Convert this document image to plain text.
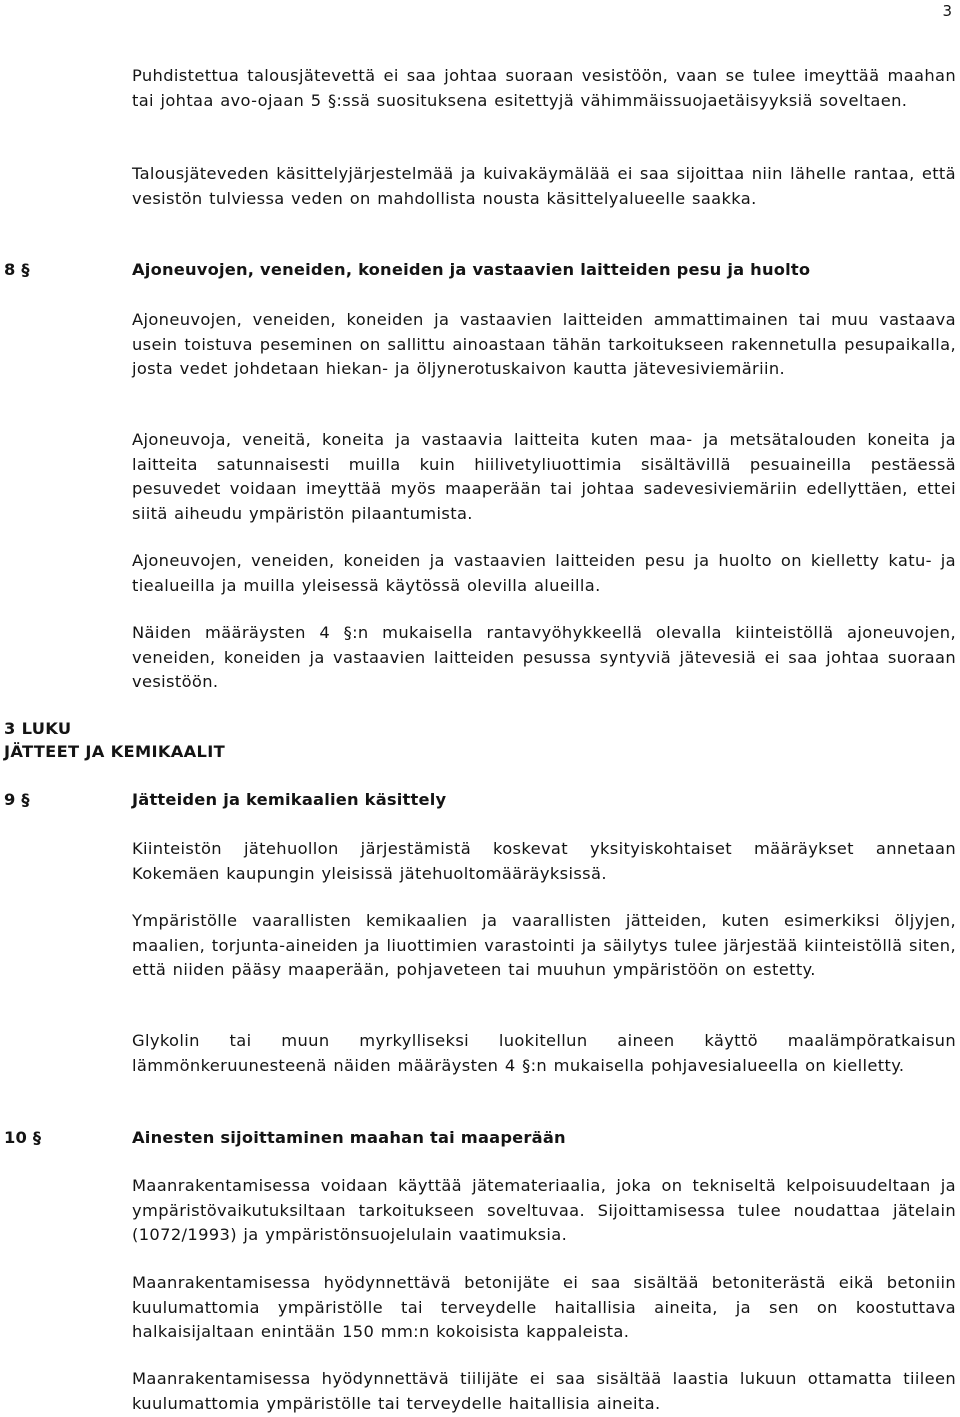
3

Puhdistettua talousjätevettä ei saa johtaa suoraan vesistöön, vaan se tulee imeyttää maahan tai johtaa avo-ojaan 5 §:ssä suosituksena esitettyjä vähimmäissuojaetäisyyksiä soveltaen.

Talousjäteveden käsittelyjärjestelmää ja kuivakäymälää ei saa sijoittaa niin lähelle rantaa, että vesistön tulviessa veden on mahdollista nousta käsittelyalueelle saakka.

8 §	Ajoneuvojen, veneiden, koneiden ja vastaavien laitteiden pesu ja huolto

Ajoneuvojen, veneiden, koneiden ja vastaavien laitteiden ammattimainen tai muu vastaava usein toistuva peseminen on sallittu ainoastaan tähän tarkoitukseen rakennetulla pesupaikalla, josta vedet johdetaan hiekan- ja öljynerotuskaivon kautta jätevesiviemäriin.

Ajoneuvoja, veneitä, koneita ja vastaavia laitteita kuten maa- ja metsätalouden koneita ja laitteita satunnaisesti muilla kuin hiilivetyliuottimia sisältävillä pesuaineilla pestäessä pesuvedet voidaan imeyttää myös maaperään tai johtaa sadevesiviemäriin edellyttäen, ettei siitä aiheudu ympäristön pilaantumista.

Ajoneuvojen, veneiden, koneiden ja vastaavien laitteiden pesu ja huolto on kielletty katu- ja tiealueilla ja muilla yleisessä käytössä olevilla alueilla.

Näiden määräysten 4 §:n mukaisella rantavyöhykkeellä olevalla kiinteistöllä ajoneuvojen, veneiden, koneiden ja vastaavien laitteiden pesussa syntyviä jätevesiä ei saa johtaa suoraan vesistöön.

3 LUKU
JÄTTEET JA KEMIKAALIT
9 §	Jätteiden ja kemikaalien käsittely

Kiinteistön jätehuollon järjestämistä koskevat yksityiskohtaiset määräykset annetaan Kokemäen kaupungin yleisissä jätehuoltomääräyksissä.

Ympäristölle vaarallisten kemikaalien ja vaarallisten jätteiden, kuten esimerkiksi öljyjen, maalien, torjunta-aineiden ja liuottimien varastointi ja säilytys tulee järjestää kiinteistöllä siten, että niiden pääsy maaperään, pohjaveteen tai muuhun ympäristöön on estetty.

Glykolin tai muun myrkylliseksi luokitellun aineen käyttö maalämpöratkaisun lämmönkeruunesteenä näiden määräysten 4 §:n mukaisella pohjavesialueella on kielletty.

10 §	Ainesten sijoittaminen maahan tai maaperään

Maanrakentamisessa voidaan käyttää jätemateriaalia, joka on tekniseltä kelpoisuudeltaan ja ympäristövaikutuksiltaan tarkoitukseen soveltuvaa. Sijoittamisessa tulee noudattaa jätelain (1072/1993) ja ympäristönsuojelulain vaatimuksia.

Maanrakentamisessa hyödynnettävä betonijäte ei saa sisältää betoniterästä eikä betoniin kuulumattomia ympäristölle tai terveydelle haitallisia aineita, ja sen on koostuttava halkaisijaltaan enintään 150 mm:n kokoisista kappaleista.

Maanrakentamisessa hyödynnettävä tiilijäte ei saa sisältää laastia lukuun ottamatta tiileen kuulumattomia ympäristölle tai terveydelle haitallisia aineita.
